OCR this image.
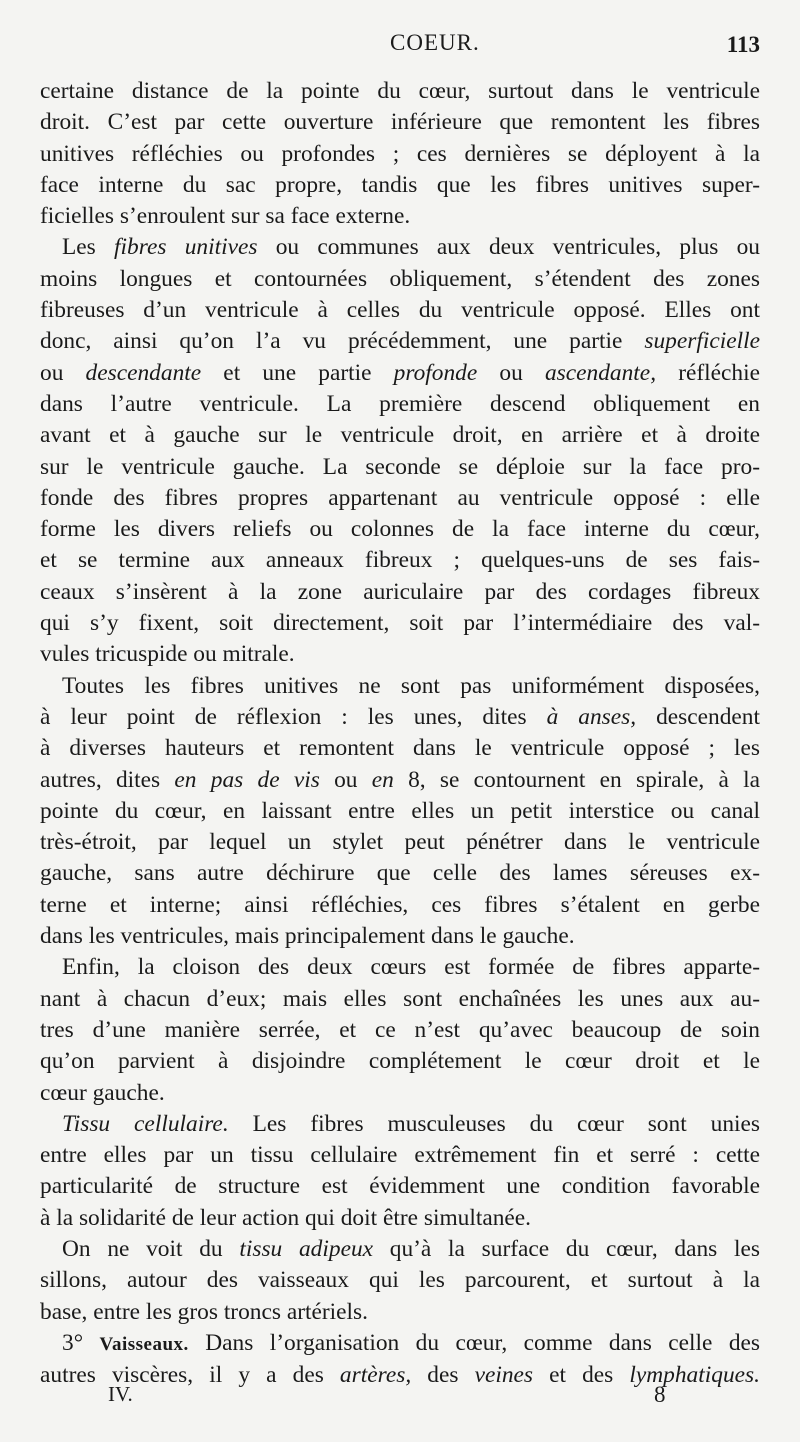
COEUR.	113

certaine distance de la pointe du cœur, surtout dans le ventricule
droit. C’est par cette ouverture inférieure que remontent les fibres
unitives réfléchies ou profondes ; ces dernières se déployent à la
face interne du sac propre, tandis que les fibres unitives super-
ficielles s’enroulent sur sa face externe.

Les fibres unitives ou communes aux deux ventricules, plus ou
moins longues et contournées obliquement, s’étendent des zones
fibreuses d’un ventricule à celles du ventricule opposé. Elles ont
donc, ainsi qu’on l’a vu précédemment, une partie superficielle
ou descendante et une partie profonde ou ascendante, réfléchie
dans l’autre ventricule. La première descend obliquement en
avant et à gauche sur le ventricule droit, en arrière et à droite
sur le ventricule gauche. La seconde se déploie sur la face pro-
fonde des fibres propres appartenant au ventricule opposé : elle
forme les divers reliefs ou colonnes de la face interne du cœur,
et se termine aux anneaux fibreux ; quelques-uns de ses fais-
ceaux s’insèrent à la zone auriculaire par des cordages fibreux
qui s’y fixent, soit directement, soit par l’intermédiaire des val-
vules tricuspide ou mitrale.

Toutes les fibres unitives ne sont pas uniformément disposées,
à leur point de réflexion : les unes, dites à anses, descendent
à diverses hauteurs et remontent dans le ventricule opposé ; les
autres, dites en pas de vis ou en 8, se contournent en spirale, à la
pointe du cœur, en laissant entre elles un petit interstice ou canal
très-étroit, par lequel un stylet peut pénétrer dans le ventricule
gauche, sans autre déchirure que celle des lames séreuses ex-
terne et interne; ainsi réfléchies, ces fibres s’étalent en gerbe
dans les ventricules, mais principalement dans le gauche.

Enfin, la cloison des deux cœurs est formée de fibres apparte-
nant à chacun d’eux; mais elles sont enchaînées les unes aux au-
tres d’une manière serrée, et ce n’est qu’avec beaucoup de soin
qu’on parvient à disjoindre complétement le cœur droit et le
cœur gauche.

Tissu cellulaire. Les fibres musculeuses du cœur sont unies
entre elles par un tissu cellulaire extrêmement fin et serré : cette
particularité de structure est évidemment une condition favorable
à la solidarité de leur action qui doit être simultanée.

On ne voit du tissu adipeux qu’à la surface du cœur, dans les
sillons, autour des vaisseaux qui les parcourent, et surtout à la
base, entre les gros troncs artériels.

3° Vaisseaux. Dans l’organisation du cœur, comme dans celle des
autres viscères, il y a des artères, des veines et des lymphatiques.

IV.	8
